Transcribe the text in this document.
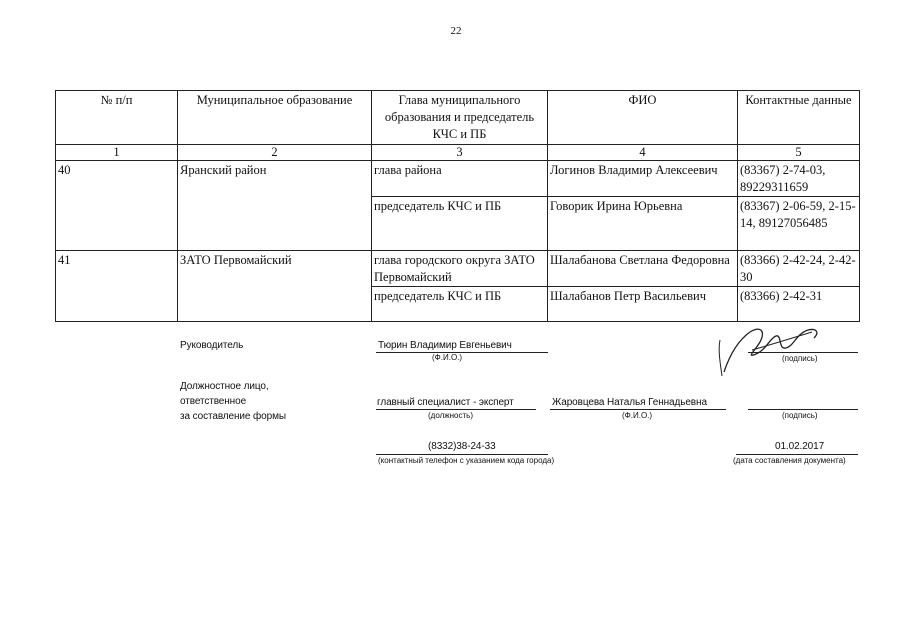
22
№ п/п	Муниципальное образование	Глава муниципального образования и председатель КЧС и ПБ	ФИО	Контактные данные
1	2	3	4	5
40	Яранский район	глава района	Логинов Владимир Алексеевич	(83367) 2-74-03, 89229311659
		председатель КЧС и ПБ	Говорик Ирина Юрьевна	(83367) 2-06-59, 2-15-14, 89127056485
41	ЗАТО Первомайский	глава городского округа ЗАТО Первомайский	Шалабанова Светлана Федоровна	(83366) 2-42-24, 2-42-30
		председатель КЧС и ПБ	Шалабанов Петр Васильевич	(83366) 2-42-31
Руководитель	Тюрин Владимир Евгеньевич
(Ф.И.О.)	(подпись)
Должностное лицо,
ответственное
за составление формы
главный специалист - эксперт
(должность)
Жаровцева Наталья Геннадьевна
(Ф.И.О.)	(подпись)
(8332)38-24-33
(контактный телефон с указанием кода города)
01.02.2017
(дата составления документа)
